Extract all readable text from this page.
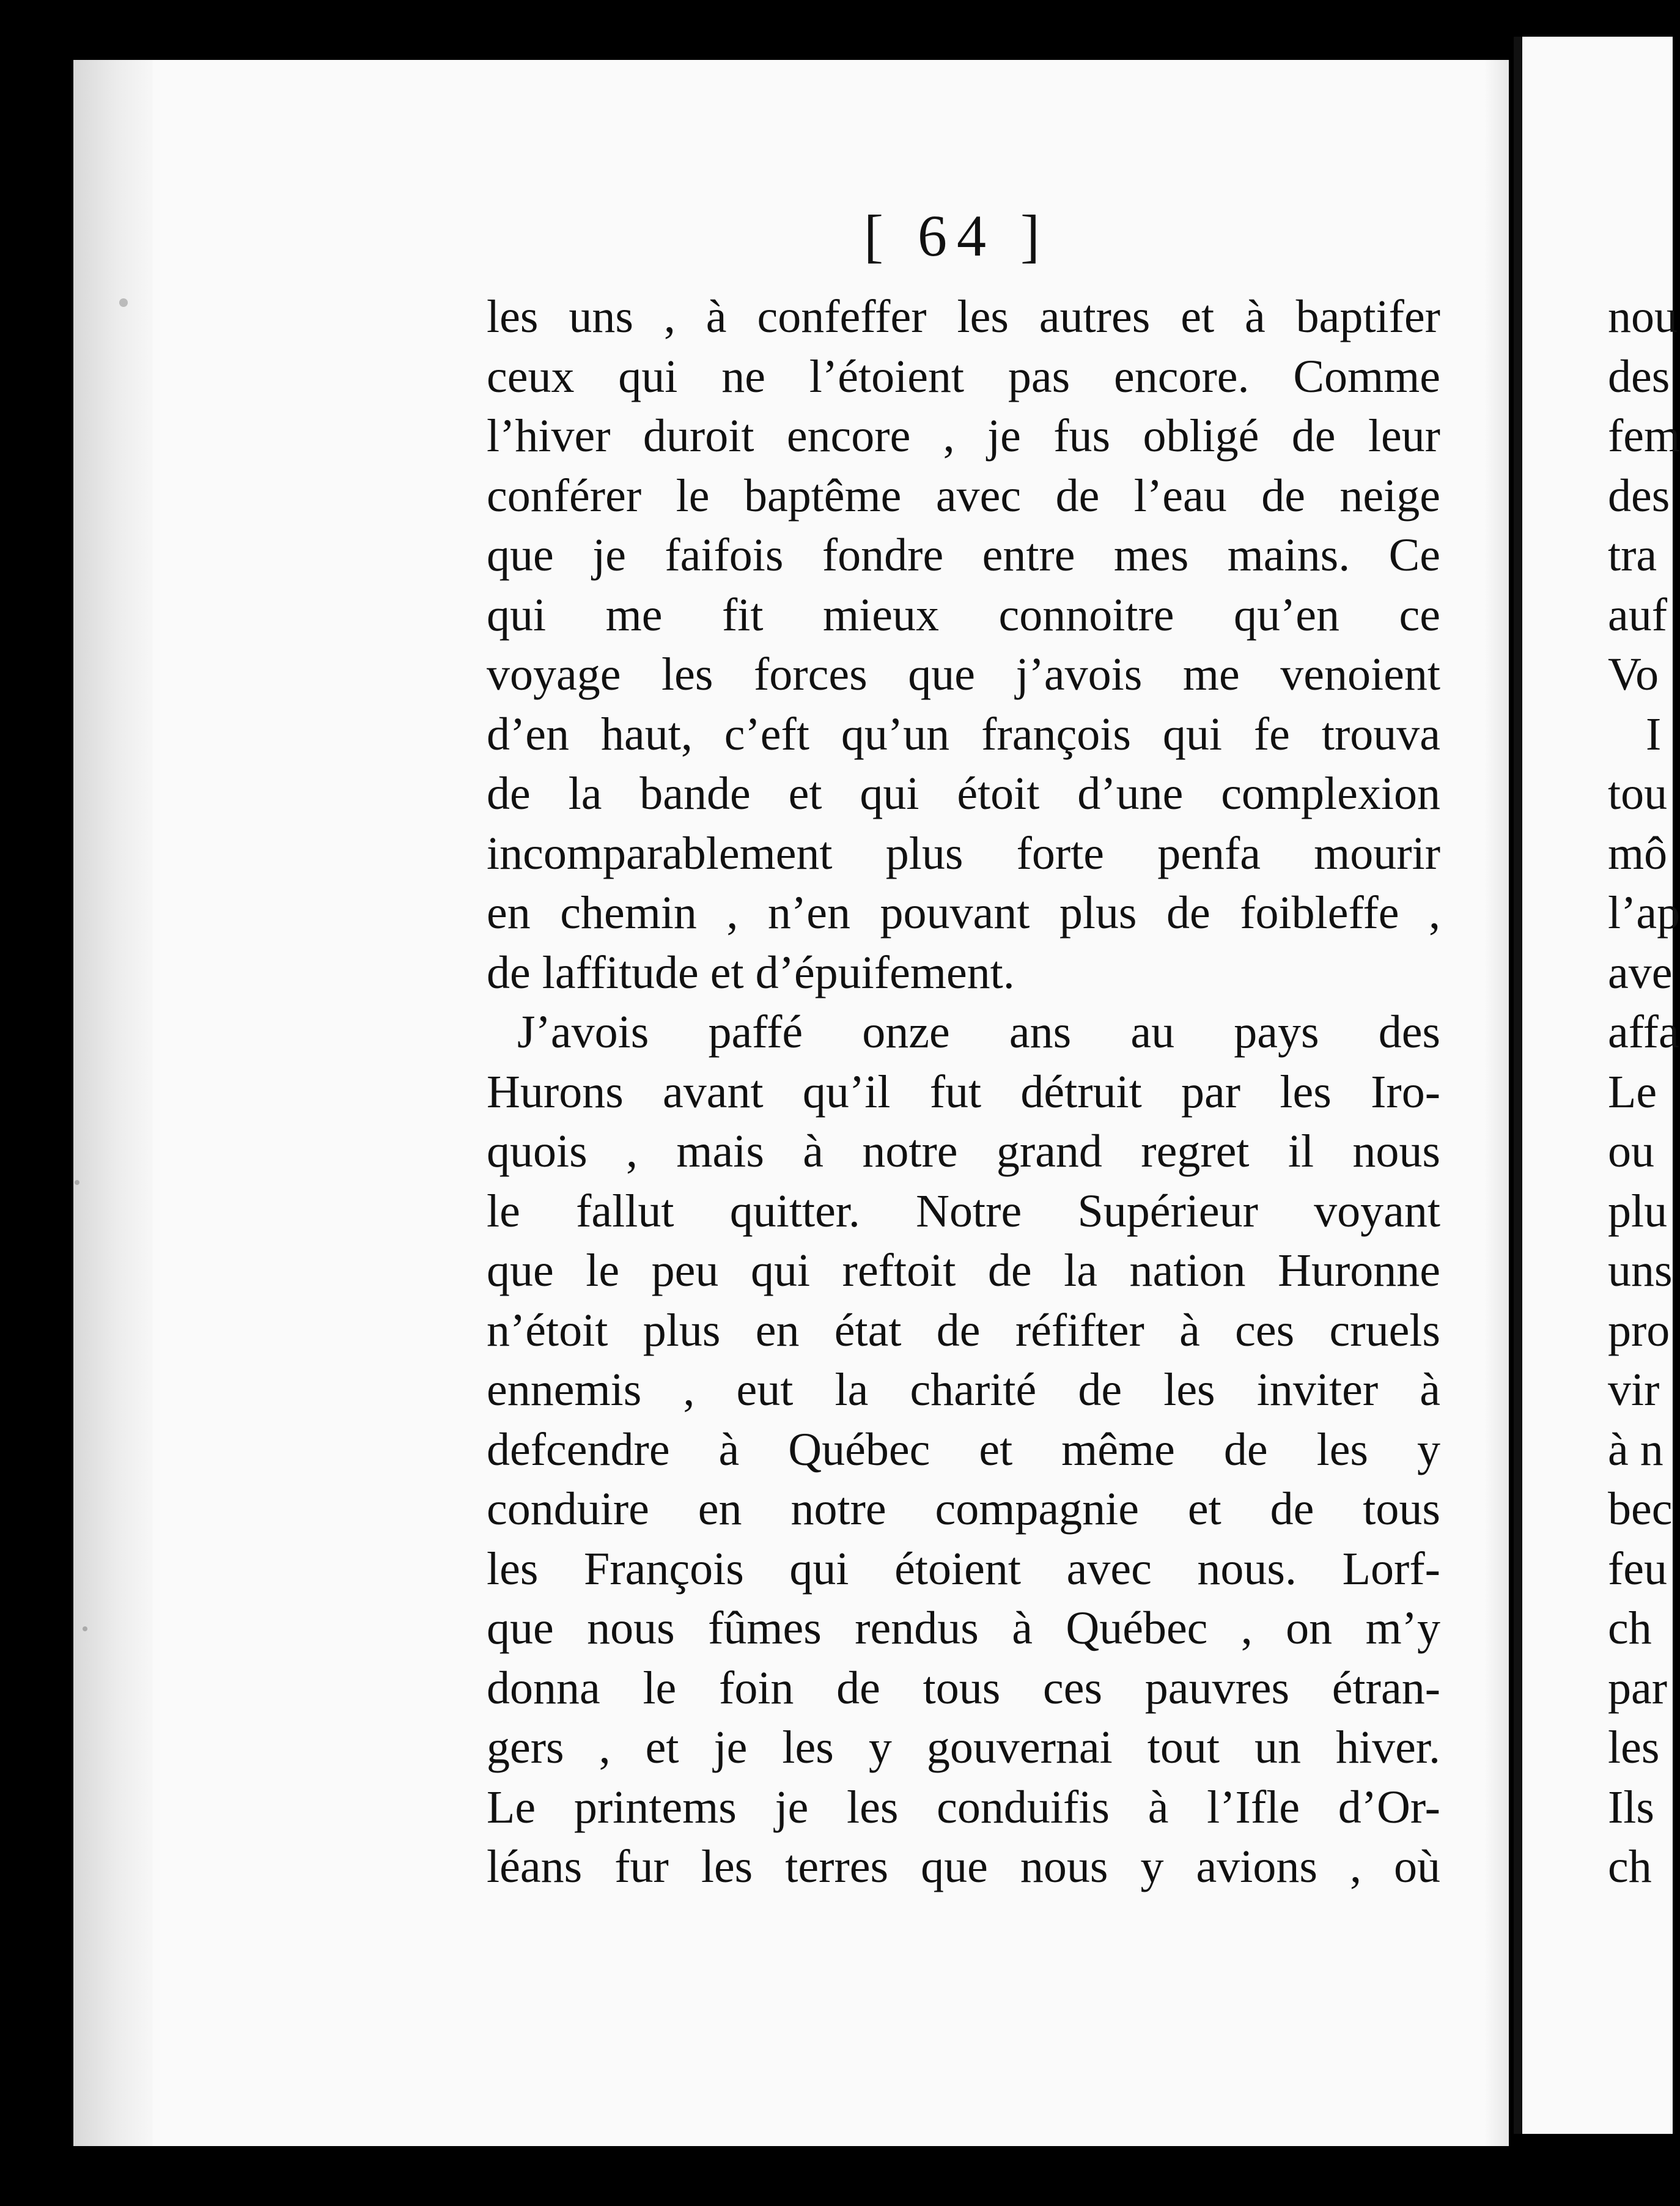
[ 64 ]
les uns , à confeffer les autres et à baptifer
ceux qui ne l’étoient pas encore. Comme
l’hiver duroit encore , je fus obligé de leur
conférer le baptême avec de l’eau de neige
que je faifois fondre entre mes mains. Ce
qui me fit mieux connoitre qu’en ce
voyage les forces que j’avois me venoient
d’en haut, c’eft qu’un françois qui fe trouva
de la bande et qui étoit d’une complexion
incomparablement plus forte penfa mourir
en chemin , n’en pouvant plus de foibleffe ,
de laffitude et d’épuifement.
J’avois paffé onze ans au pays des
Hurons avant qu’il fut détruit par les Iro-
quois , mais à notre grand regret il nous
le fallut quitter. Notre Supérieur voyant
que le peu qui reftoit de la nation Huronne
n’étoit plus en état de réfifter à ces cruels
ennemis , eut la charité de les inviter à
defcendre à Québec et même de les y
conduire en notre compagnie et de tous
les François qui étoient avec nous. Lorf-
que nous fûmes rendus à Québec , on m’y
donna le foin de tous ces pauvres étran-
gers , et je les y gouvernai tout un hiver.
Le printems je les conduifis à l’Ifle d’Or-
léans fur les terres que nous y avions , où
nou
des
fem
des
tra
auf
Vo
I
tou
mô
l’ap
ave
affa
Le
ou
plu
uns
pro
vir
à n
bec
feu
ch
par
les
Ils
ch
